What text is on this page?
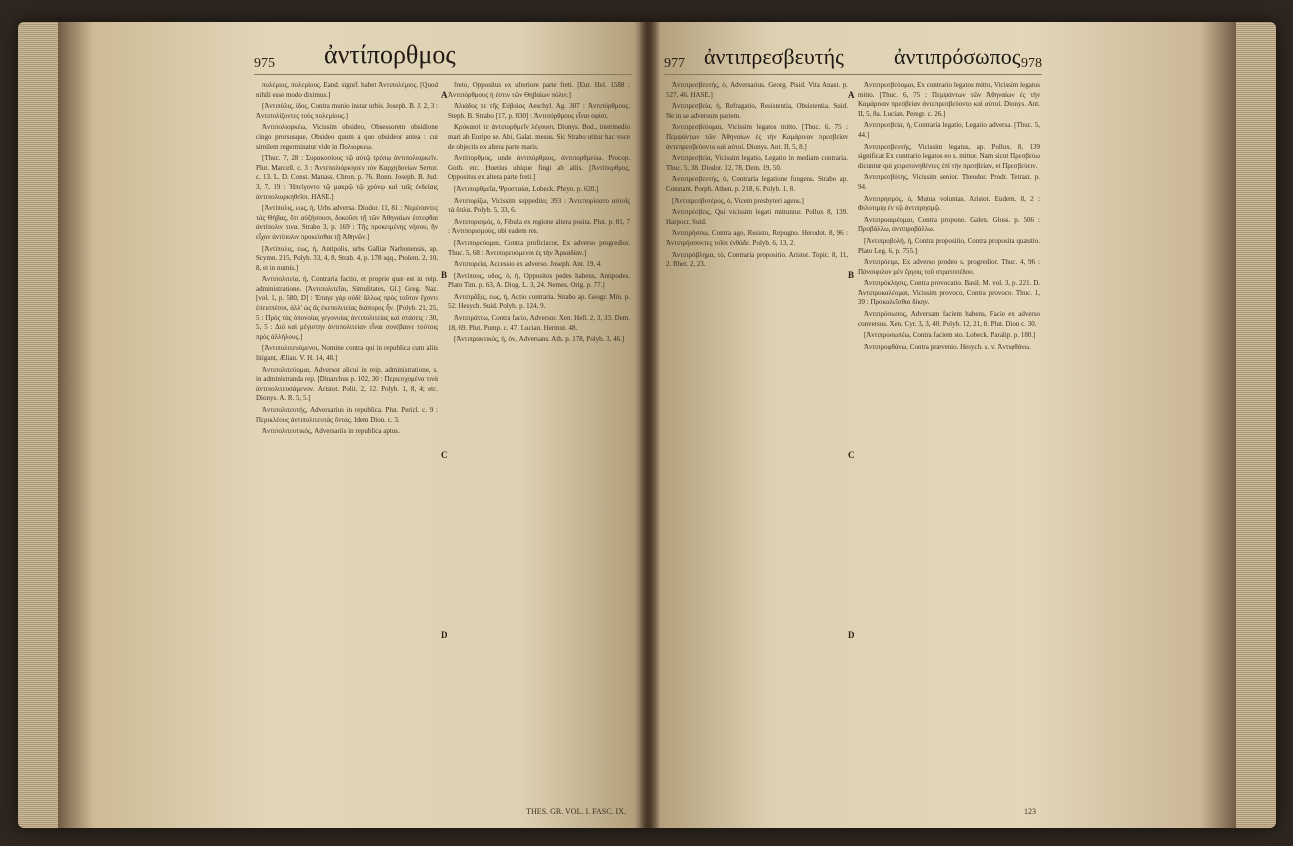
975 ἀντίπορθμος

πολέμιος, πολεμίους. Eand. signif. habet Ἀντιπολέμιος. [Quod nihili esse modo diximus.]

[Ἀντιπόλις, ἰδος, Contra munio instar urbis. Joseph. B. J. 2, 3 : Ἀντιπολίζοντες τοὺς πολεμίους.]

Ἀντιπολιορκέω, Vicissim obsideo, Obsessorem obsidione cingo prorsusque, Obsideo quum a quo obsideor antea : cui similem regerminatur vide in Πολιορκεω.

[Thuc. 7, 28 : Συρακοσίους τῷ αὐτῷ τρόπῳ ἀντιπολιορκεῖν. Plut. Marcell. c. 3 : Ἀντεπολιόρκησεν τὸν Καρχηδονίων Sertor. c. 13. L. D. Const. Manass. Chron. p. 76. Bonn. Joseph. B. Jud. 3, 7, 19 : Ἠπείγοντο τῷ μακρῷ τῷ χρόνῳ καὶ ταῖς ἐνδείαις ἀντιπολιορκηθεῖσι. HASE.]

[Ἀντίπολις, εως, ἡ, Urbs adversa. Diodor. 11, 81 : Νεμέσαντες τὰς Θήβας, ὅτι αὐξήσουσι, δοκοῦσι τῇ τῶν Ἀθηναίων ἐστεφθαι ἀντίπολιν τινα. Strabo 3, p. 169 : Τῆς προκειμένης νήσου, ἣν εἶχον ἀντίπολιν προκείσθαι τῇ Ἀθηνῶν.]

[Ἀντίπολις, εως, ἡ, Antipolis, urbs Galliæ Narbonensis, ap. Scymn. 215, Polyb. 33, 4, 8, Strab. 4, p. 178 sqq., Ptolem. 2, 10, 8, et in numis.]

Ἀντιπολιτεία, ἡ, Contraria factio, et proprie quæ est in reip. administratione. [Ἀντιπολιτεῖαι, Simulitates, Gl.] Greg. Naz. [vol. 1, p. 580, D] : Ἐπαγε γάρ οὐδὲ ἄλλως πρὸς τοῦτον ἔχοντι ἐπεισπέσοι, ἀλλ' ὡς ἂς ἐκεπολιτείας διάπυρος ἦν. [Polyb. 21, 25, 5 : Πρὸς τὰς ὁπονοίας γεγονυίας ἀντιπολιτείας καὶ στάσεις : 30, 5, 5 : Διὸ καὶ μέγιστην ἀντιπολιτείαν εἶναι συνέβαινε τούτοις πρὸς ἀλλήλους.]

[Ἀντιπολιτευόμενοι, Nomine contra qui in republica cum aliis litigant, Ælian. V. H. 14, 48.]

Ἀντιπολιτεύομαι, Adversor alicui in reip. administratione, s. in administranda rep. [Dinarchus p. 102, 30 : Περιεσχομένα τινὰ ἀντιπολιτευσάμενον. Aristot. Polit. 2, 12. Polyb. 1, 8, 4; etc. Dionys. A. R. 5, 5.]

Ἀντιπολιτευτής, Adversarius in republica. Plut. Pericl. c. 9 : Περικλέους ἀντιπολιτευτὰς ὄντας. Idem Dion. c. 3.

Ἀντιπολιτευτικός, Adversariis in republica aptus.

freto, Oppositus ex ulteriore parte freti. [Eur. Hel. 1588 : Ἀντιπόρθμους ἡ ἐστιν τῶν Θηβαίων πόλιν.]

Ἀλιάδος τε τῆς Εὐβοίας Aeschyl. Ag. 307 : Ἀντιπόρθμους. Steph. B. Strabo [17, p. 830] : Ἀντιπόρθμους εἶναι σφίσι.

Κρύκαισί τε ἀντιπορθμεῖν λέγουσι. Dionys. Bod., intermedio mari ab Euripo se. Abi, Galat. mesus. Sic Strabo utitur hac voce de objectis ex altera parte maris.

Ἀντίπορθμος, unde ἀντιπόρθμιος, ἀντιπορθμεύω. Procop. Goth. etc. Huetius ubique fingi ab aliis. [Ἀντίπορθμος, Oppositus ex altera parte freti.]

[Ἀντιπορθμεῖα, Ψροσταίαι, Lobeck. Phryn. p. 620.]

Ἀντιπορίζω, Vicissim suppedito; 393 : Ἀντεπορίσατο αὐτοῖς τὰ ὅπλα. Polyb. 5, 33, 6.

Ἀντιπορισμός, ὁ, Fibula ex regione altera posita. Plut. p. 81, 7 : Ἀντιπορισμούς, ubi eadem res.

[Ἀντιπορεύομαι, Contra proficiscor, Ex adverso progredior. Thuc. 5, 68 : Ἀντιπορευόμενοι ἐς τὴν Ἀρκαδίαν.]

Ἀντιπορεία, Accessio ex adverso. Joseph. Ant. 19, 4.

[Ἀντίπους, οδος, ὁ, ἡ, Oppositos pedes habens, Antipodes. Plato Tim. p. 63, A. Diog. L. 3, 24. Nemes. Orig. p. 77.]

Ἀντιπρᾶξις, εως, ἡ, Actio contraria. Strabo ap. Geogr. Min. p. 52. Hesych. Suid. Polyb. p. 124, 9.

Ἀντιπράττω, Contra facio, Adversor. Xen. Hell. 2, 3, 33. Dem. 18, 69. Plut. Pomp. c. 47. Lucian. Hermot. 48.

[Ἀντιπρακτικός, ἡ, ὁν, Adversans. Ath. p. 178, Polyb. 3, 46.]

A
B
C
D
THES. GR. VOL. I. FASC. IX.
977 ἀντιπρεσβευτής ἀντιπρόσωπος 978

Ἀντιπρεσβευτής, ὁ, Adversarius. Georg. Pisid. Vita Anast. p. 527, 46. HASE.]

Ἀντιπρεσβεία, ἡ, Refragatio, Resistentia, Obsistentia. Suid. Ne in se adversum pariem.

Ἀντιπρεσβεύομαι, Vicissim legatos mitto. [Thuc. 6, 75 : Πεμψάντων τῶν Ἀθηναίων ἐς τὴν Καμάριναν πρεσβείαν ἀντεπρεσβεύοντο καὶ αὐτοί. Dionys. Ant. II, 5, 8.]

Ἀντιπρεσβεία, Vicissim legatio, Legatio in mediam contraria. Thuc. 5, 38. Diodor. 12, 78. Dem. 19, 50.

Ἀντιπρεσβευτής, ὁ, Contraria legatione fungens. Strabo ap. Constant. Porph. Athen. p. 218, 6. Polyb. 1, 8.

[Ἀντιπρεσβυτέρος, ὁ, Vicem presbyteri agens.]

Ἀντιπρέσβεις, Qui vicissim legati mittuntur. Pollux 8, 139. Harpocr. Suid.

Ἀντιπρήσσω, Contra ago, Resisto, Repugno. Herodot. 8, 96 : Ἀντιπρήσσοντες τοῖσι ἐνθάδε. Polyb. 6, 13, 2.

Ἀντιπρόβλημα, τὸ, Contraria propositio. Aristot. Topic. 8, 11, 2. Rhet. 2, 23.

Ἀντιπρεσβεύομαι, Ex contrario legatos mitto, Vicissim legatos mitto. [Thuc. 6, 75 : Πεμψάντων τῶν Ἀθηναίων ἐς τὴν Καμάριναν πρεσβείαν ἀντεπρεσβεύοντο καὶ αὐτοί. Dionys. Ant. II, 5, 8a. Lucian. Peregr. c. 26.]

Ἀντιπρεσβεία, ἡ, Contraria legatio, Legatio adversa. [Thuc. 5, 44.]

Ἀντιπρεσβευτής, Vicissim legatus, ap. Pollux. 8, 139 significat Ex contrario legatos eo s. mittor. Nam sicut Πρεσβεύω dicuntur qui χειροτονηθέντες ἐπὶ τὴν πρεσβείαν, et Πρεσβεύειν.

Ἀντιπρεσβύτης, Vicissim senior. Theodor. Prodr. Tetrast. p. 94.

Ἀντιπρησμός, ὁ, Mutua voluntas. Aristot. Eudem. 8, 2 : Φιλοτιμίᾳ ἐν τῷ ἀντιπρησμῷ.

Ἀντιπροαιρέομαι, Contra propono. Galen. Gloss. p. 506 : Προβάλλω, ἀντιπροβάλλω.

[Ἀντιπροβολή, ἡ, Contra propositio, Contra proposita quæstio. Plato Leg. 6, p. 755.]

Ἀντιπρόειμι, Ex adverso prodeo s. progredior. Thuc. 4, 96 : Πάνσιφιλον μὲν ἔργοις τοῦ στρατοπέδου.

Ἀντιπρόκλησις, Contra provocatio. Basil. M. vol. 3, p. 221. D. Ἀντιπροκαλέομαι, Vicissim provoco, Contra provoco. Thuc. 1, 39 : Προκαλεῖσθαι δίκην.

Ἀντιπρόσωπος, Adversam faciem habens, Facie ex adverso conversus. Xen. Cyr. 3, 3, 40. Polyb. 12, 21, 8. Plut. Dion c. 30.

[Ἀντιπροσωπέω, Contra faciem sto. Lobeck. Paralip. p. 180.]

Ἀντιπροφθάνω, Contra prævenio. Hesych. s. v. Ἀντιφθάνω.

A
B
C
D
123
